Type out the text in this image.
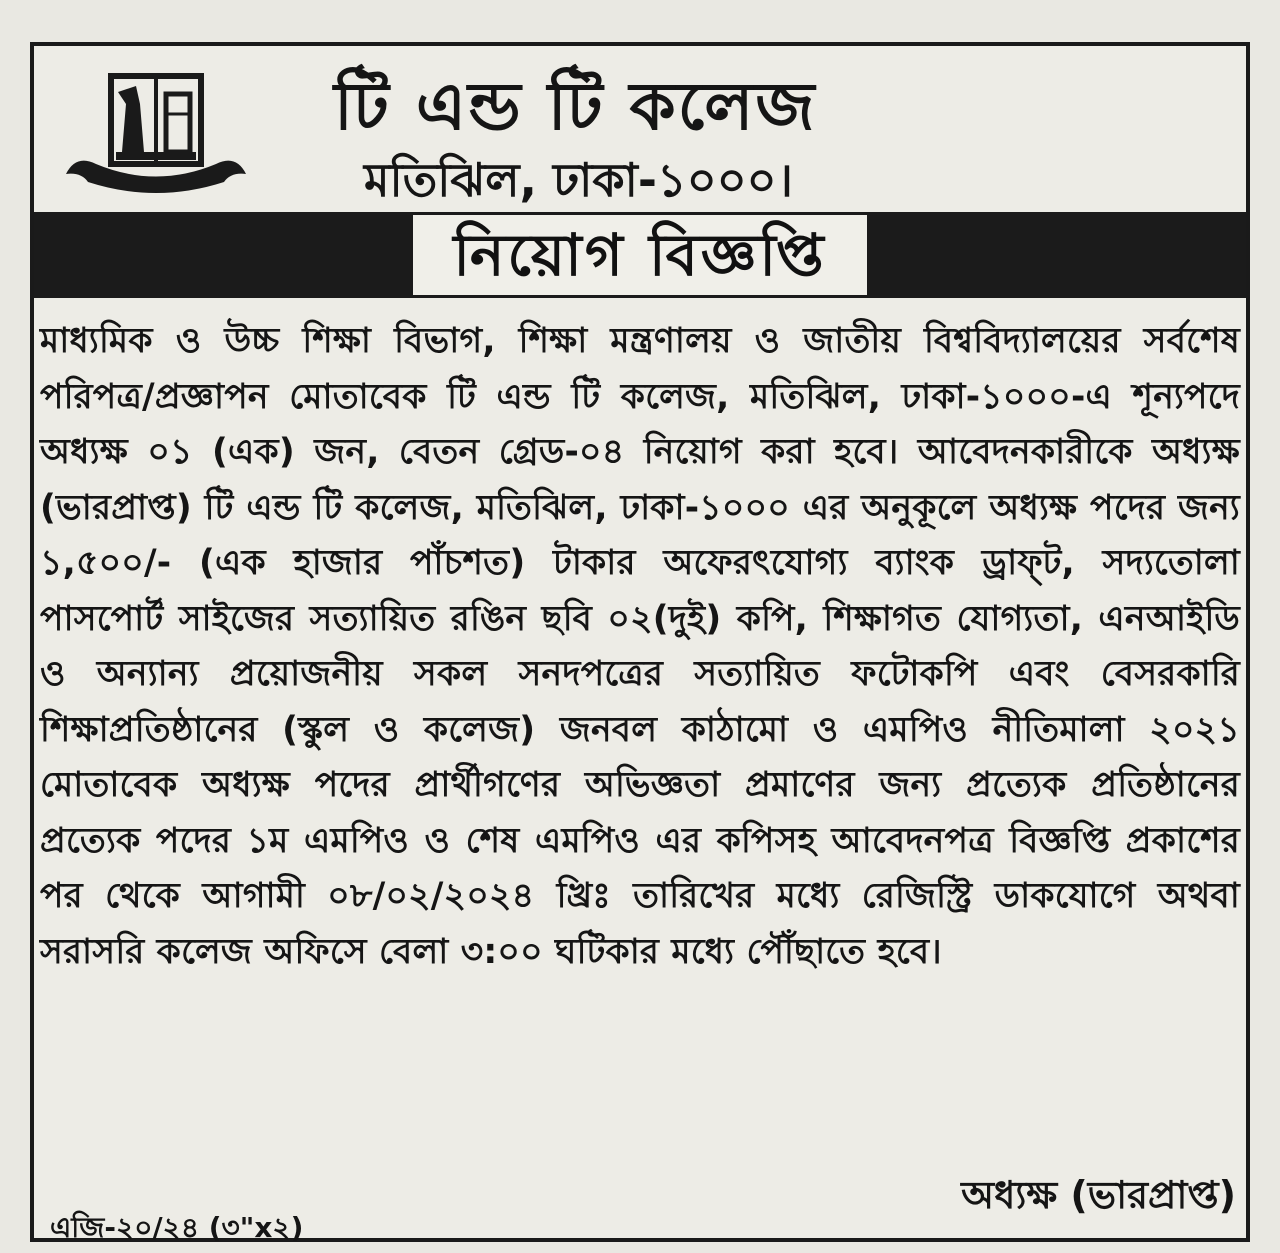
টি এন্ড টি কলেজ
মতিঝিল, ঢাকা-১০০০।
নিয়োগ বিজ্ঞপ্তি
মাধ্যমিক ও উচ্চ শিক্ষা বিভাগ, শিক্ষা মন্ত্রণালয় ও জাতীয় বিশ্ববিদ্যালয়ের সর্বশেষ পরিপত্র/প্রজ্ঞাপন মোতাবেক টি এন্ড টি কলেজ, মতিঝিল, ঢাকা-১০০০-এ শূন্যপদে অধ্যক্ষ ০১ (এক) জন, বেতন গ্রেড-০৪ নিয়োগ করা হবে। আবেদনকারীকে অধ্যক্ষ (ভারপ্রাপ্ত) টি এন্ড টি কলেজ, মতিঝিল, ঢাকা-১০০০ এর অনুকূলে অধ্যক্ষ পদের জন্য ১,৫০০/- (এক হাজার পাঁচশত) টাকার অফেরৎযোগ্য ব্যাংক ড্রাফ্‌ট, সদ্যতোলা পাসপোর্ট সাইজের সত্যায়িত রঙিন ছবি ০২(দুই) কপি, শিক্ষাগত যোগ্যতা, এনআইডি ও অন্যান্য প্রয়োজনীয় সকল সনদপত্রের সত্যায়িত ফটোকপি এবং বেসরকারি শিক্ষাপ্রতিষ্ঠানের (স্কুল ও কলেজ) জনবল কাঠামো ও এমপিও নীতিমালা ২০২১ মোতাবেক অধ্যক্ষ পদের প্রার্থীগণের অভিজ্ঞতা প্রমাণের জন্য প্রত্যেক প্রতিষ্ঠানের প্রত্যেক পদের ১ম এমপিও ও শেষ এমপিও এর কপিসহ আবেদনপত্র বিজ্ঞপ্তি প্রকাশের পর থেকে আগামী ০৮/০২/২০২৪ খ্রিঃ তারিখের মধ্যে রেজিস্ট্রি ডাকযোগে অথবা সরাসরি কলেজ অফিসে বেলা ৩:০০ ঘটিকার মধ্যে পৌঁছাতে হবে।
অধ্যক্ষ (ভারপ্রাপ্ত)
এজি-২০/২৪ (৩"x২)
